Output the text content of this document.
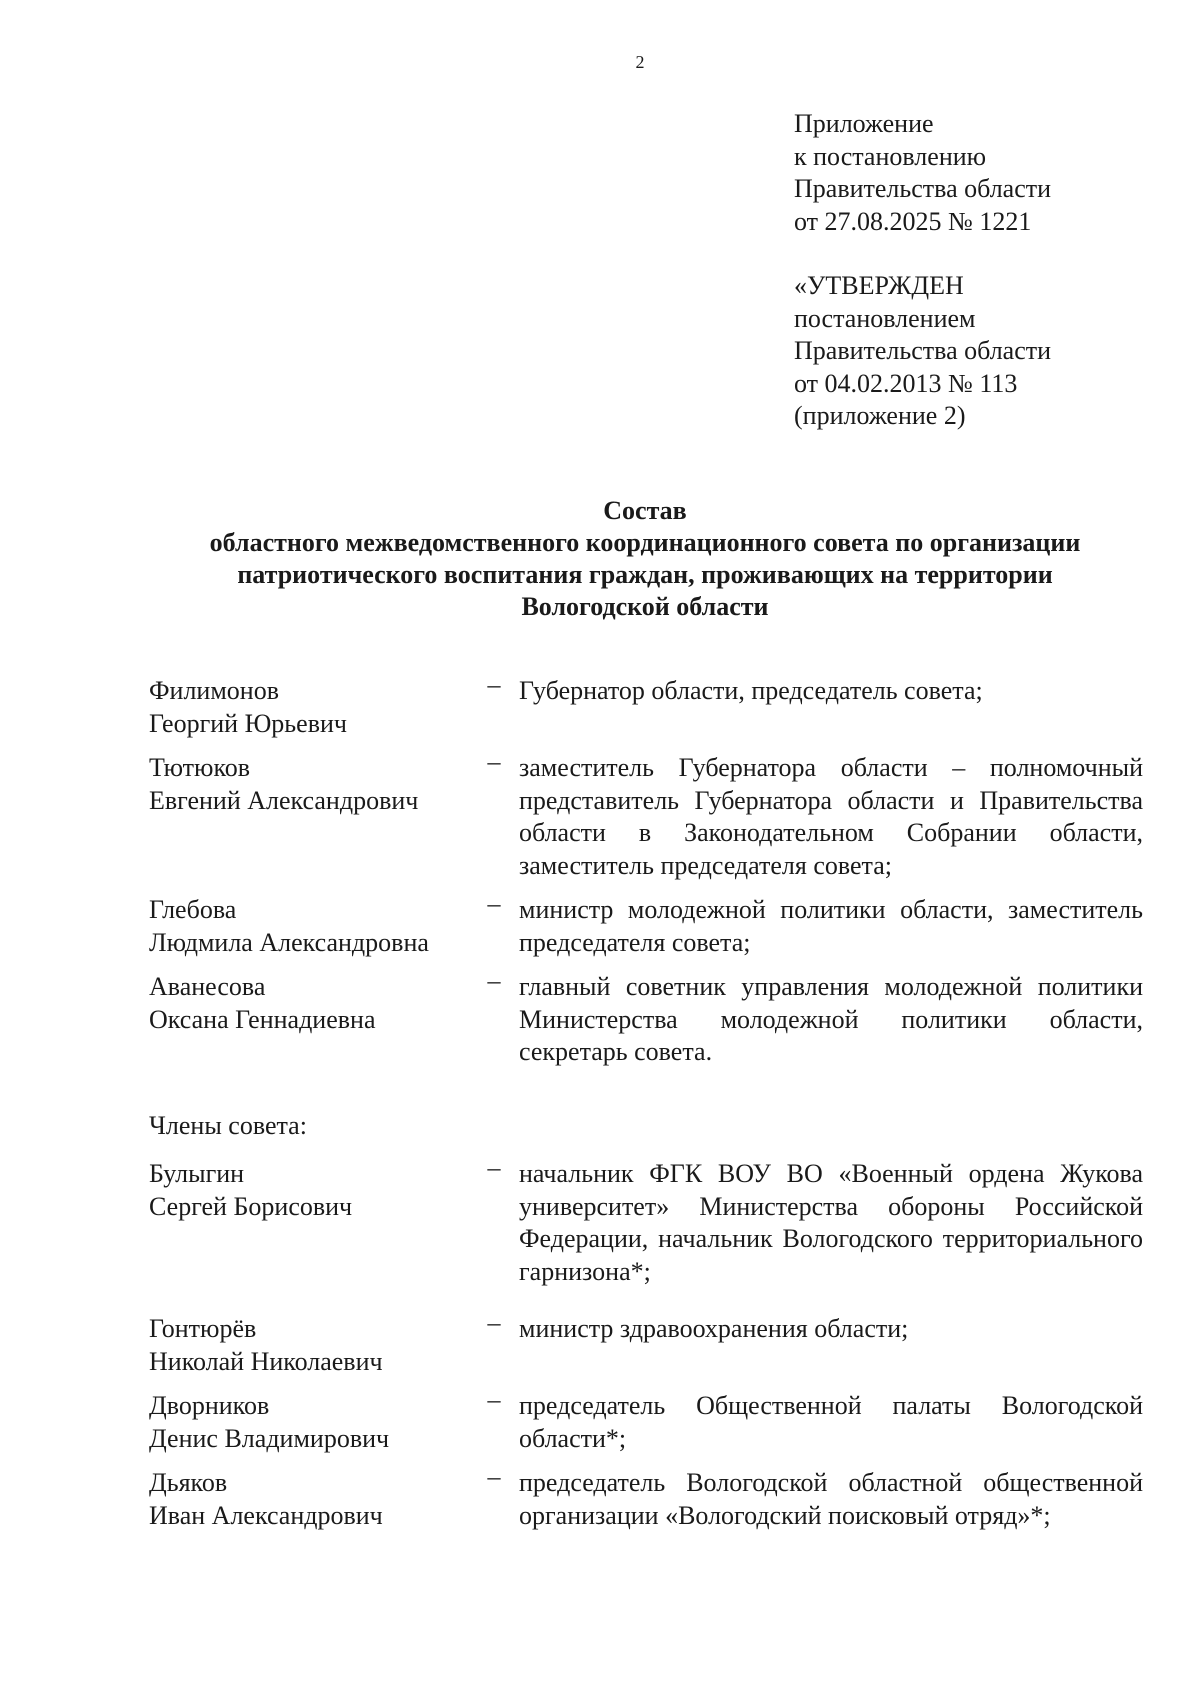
2
Приложение
к постановлению
Правительства области
от 27.08.2025 № 1221
«УТВЕРЖДЕН
постановлением
Правительства области
от 04.02.2013 № 113
(приложение 2)
Состав
областного межведомственного координационного совета по организации
патриотического воспитания граждан, проживающих на территории
Вологодской области
Филимонов
Георгий Юрьевич
– Губернатор области, председатель совета;
Тютюков
Евгений Александрович
– заместитель Губернатора области – полномочный представитель Губернатора области и Правительства области в Законодательном Собрании области, заместитель председателя совета;
Глебова
Людмила Александровна
– министр молодежной политики области, заместитель председателя совета;
Аванесова
Оксана Геннадиевна
– главный советник управления молодежной политики Министерства молодежной политики области, секретарь совета.
Члены совета:
Булыгин
Сергей Борисович
– начальник ФГК ВОУ ВО «Военный ордена Жукова университет» Министерства обороны Российской Федерации, начальник Вологодского территориального гарнизона*;
Гонтюрёв
Николай Николаевич
– министр здравоохранения области;
Дворников
Денис Владимирович
– председатель Общественной палаты Вологодской области*;
Дьяков
Иван Александрович
– председатель Вологодской областной общественной организации «Вологодский поисковый отряд»*;
